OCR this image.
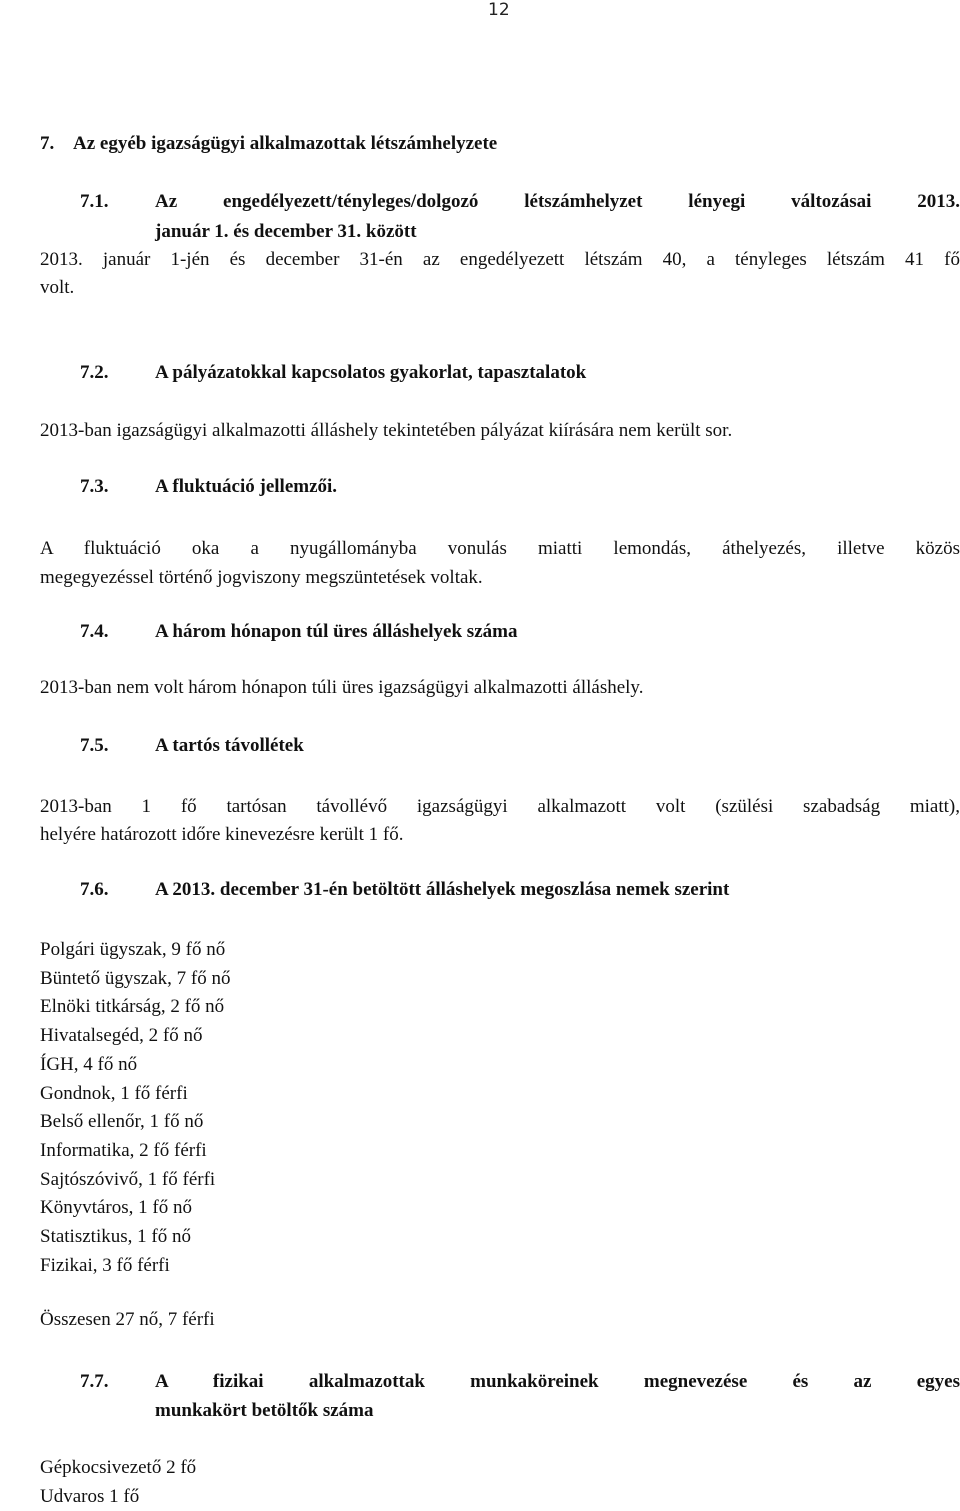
12
7. Az egyéb igazságügyi alkalmazottak létszámhelyzete
7.1. Az engedélyezett/tényleges/dolgozó létszámhelyzet lényegi változásai 2013.
január 1. és december 31. között
2013. január 1-jén és december 31-én az engedélyezett létszám 40, a tényleges létszám 41 fő
volt.
7.2. A pályázatokkal kapcsolatos gyakorlat, tapasztalatok
2013-ban igazságügyi alkalmazotti álláshely tekintetében pályázat kiírására nem került sor.
7.3. A fluktuáció jellemzői.
A fluktuáció oka a nyugállományba vonulás miatti lemondás, áthelyezés, illetve közös
megegyezéssel történő jogviszony megszüntetések voltak.
7.4. A három hónapon túl üres álláshelyek száma
2013-ban nem volt három hónapon túli üres igazságügyi alkalmazotti álláshely.
7.5. A tartós távollétek
2013-ban 1 fő tartósan távollévő igazságügyi alkalmazott volt (szülési szabadság miatt),
helyére határozott időre kinevezésre került 1 fő.
7.6. A 2013. december 31-én betöltött álláshelyek megoszlása nemek szerint
Polgári ügyszak, 9 fő nő
Büntető ügyszak, 7 fő nő
Elnöki titkárság, 2 fő nő
Hivatalsegéd, 2 fő nő
ÍGH, 4 fő nő
Gondnok, 1 fő férfi
Belső ellenőr, 1 fő nő
Informatika, 2 fő férfi
Sajtószóvivő, 1 fő férfi
Könyvtáros, 1 fő nő
Statisztikus, 1 fő nő
Fizikai, 3 fő férfi
Összesen 27 nő, 7 férfi
7.7. A fizikai alkalmazottak munkaköreinek megnevezése és az egyes
munkakört betöltők száma
Gépkocsivezető 2 fő
Udvaros 1 fő
